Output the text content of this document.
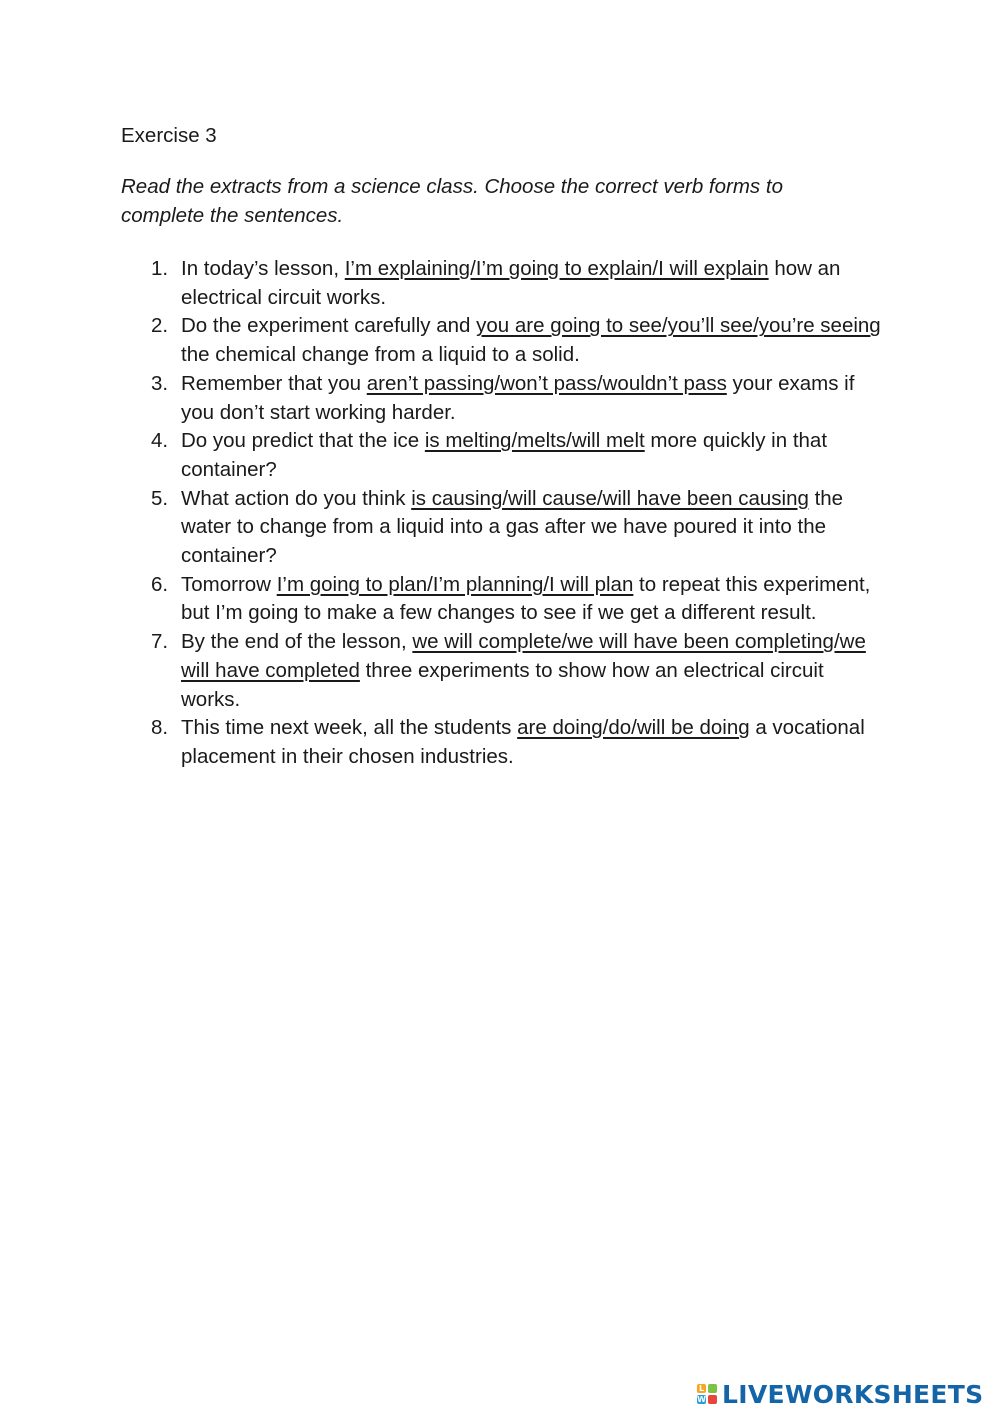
Exercise 3
Read the extracts from a science class. Choose the correct verb forms to complete the sentences.
1. In today’s lesson, I’m explaining/I’m going to explain/I will explain how an electrical circuit works.
2. Do the experiment carefully and you are going to see/you’ll see/you’re seeing the chemical change from a liquid to a solid.
3. Remember that you aren’t passing/won’t pass/wouldn’t pass your exams if you don’t start working harder.
4. Do you predict that the ice is melting/melts/will melt more quickly in that container?
5. What action do you think is causing/will cause/will have been causing the water to change from a liquid into a gas after we have poured it into the container?
6. Tomorrow I’m going to plan/I’m planning/I will plan to repeat this experiment, but I’m going to make a few changes to see if we get a different result.
7. By the end of the lesson, we will complete/we will have been completing/we will have completed three experiments to show how an electrical circuit works.
8. This time next week, all the students are doing/do/will be doing a vocational placement in their chosen industries.
L
W LIVEWORKSHEETS
